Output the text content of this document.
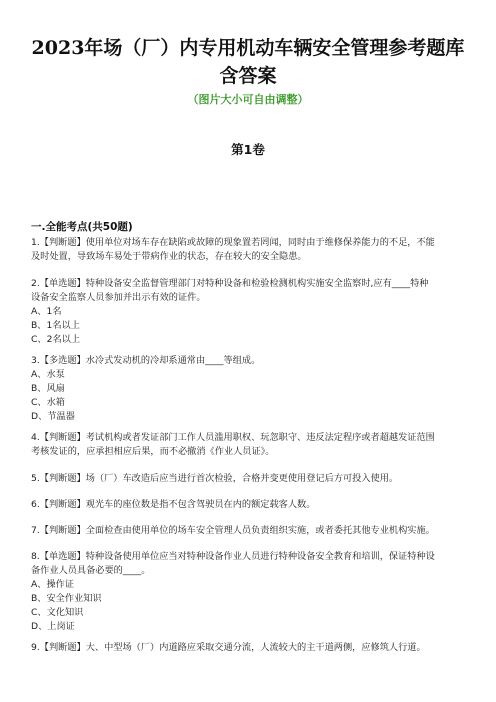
2023年场（厂）内专用机动车辆安全管理参考题库
含答案
（图片大小可自由调整）
第1卷
一.全能考点(共50题)
1.【判断题】使用单位对场车存在缺陷或故障的现象置若罔闻，同时由于维修保养能力的不足，不能
及时处置，导致场车易处于带病作业的状态，存在较大的安全隐患。
2.【单选题】特种设备安全监督管理部门对特种设备和检验检测机构实施安全监察时,应有____特种
设备安全监察人员参加并出示有效的证件。
A、1名
B、1名以上
C、2名以上
3.【多选题】水冷式发动机的冷却系通常由____等组成。
A、水泵
B、风扇
C、水箱
D、节温器
4.【判断题】考试机构或者发证部门工作人员滥用职权、玩忽职守、违反法定程序或者超越发证范围
考核发证的，应承担相应后果，而不必撤消《作业人员证》。
5.【判断题】场（厂）车改造后应当进行首次检验，合格并变更使用登记后方可投入使用。
6.【判断题】观光车的座位数是指不包含驾驶员在内的额定载客人数。
7.【判断题】全面检查由使用单位的场车安全管理人员负责组织实施，或者委托其他专业机构实施。
8.【单选题】特种设备使用单位应当对特种设备作业人员进行特种设备安全教育和培训，保证特种设
备作业人员具备必要的____。
A、操作证
B、安全作业知识
C、文化知识
D、上岗证
9.【判断题】大、中型场（厂）内道路应采取交通分流，人流较大的主干道两侧，应修筑人行道。
